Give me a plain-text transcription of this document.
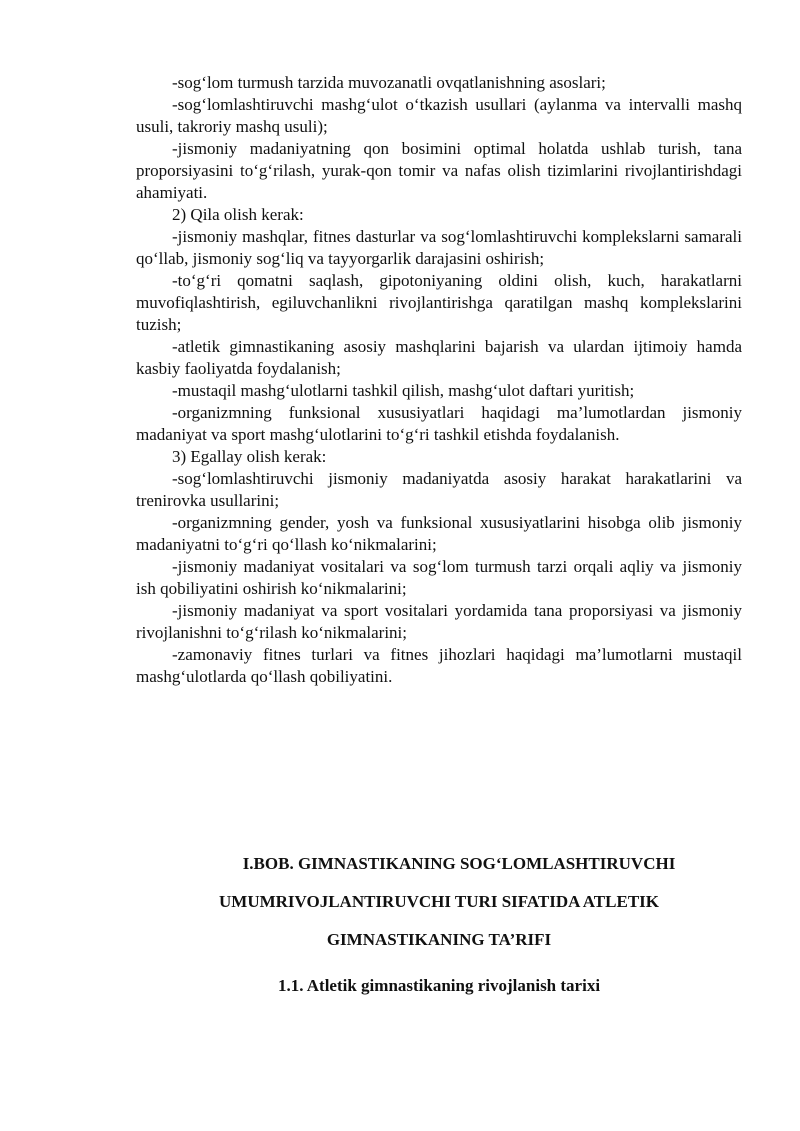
-sog‘lom turmush tarzida muvozanatli ovqatlanishning asoslari;

-sog‘lomlashtiruvchi mashg‘ulot o‘tkazish usullari (aylanma va intervalli mashq usuli, takroriy mashq usuli);

-jismoniy madaniyatning qon bosimini optimal holatda ushlab turish, tana proporsiyasini to‘g‘rilash, yurak-qon tomir va nafas olish tizimlarini rivojlantirishdagi ahamiyati.

2) Qila olish kerak:

-jismoniy mashqlar, fitnes dasturlar va sog‘lomlashtiruvchi komplekslarni samarali qo‘llab, jismoniy sog‘liq va tayyorgarlik darajasini oshirish;

-to‘g‘ri qomatni saqlash, gipotoniyaning oldini olish, kuch, harakatlarni muvofiqlashtirish, egiluvchanlikni rivojlantirishga qaratilgan mashq komplekslarini tuzish;

-atletik gimnastikaning asosiy mashqlarini bajarish va ulardan ijtimoiy hamda kasbiy faoliyatda foydalanish;

-mustaqil mashg‘ulotlarni tashkil qilish, mashg‘ulot daftari yuritish;

-organizmning funksional xususiyatlari haqidagi ma’lumotlardan jismoniy madaniyat va sport mashg‘ulotlarini to‘g‘ri tashkil etishda foydalanish.

3) Egallay olish kerak:

-sog‘lomlashtiruvchi jismoniy madaniyatda asosiy harakat harakatlarini va trenirovka usullarini;

-organizmning gender, yosh va funksional xususiyatlarini hisobga olib jismoniy madaniyatni to‘g‘ri qo‘llash ko‘nikmalarini;

-jismoniy madaniyat vositalari va sog‘lom turmush tarzi orqali aqliy va jismoniy ish qobiliyatini oshirish ko‘nikmalarini;

-jismoniy madaniyat va sport vositalari yordamida tana proporsiyasi va jismoniy rivojlanishni to‘g‘rilash ko‘nikmalarini;

-zamonaviy fitnes turlari va fitnes jihozlari haqidagi ma’lumotlarni mustaqil mashg‘ulotlarda qo‘llash qobiliyatini.

I.BOB. GIMNASTIKANING SOG‘LOMLASHTIRUVCHI
UMUMRIVOJLANTIRUVCHI TURI SIFATIDA ATLETIK
GIMNASTIKANING TA’RIFI
1.1. Atletik gimnastikaning rivojlanish tarixi
